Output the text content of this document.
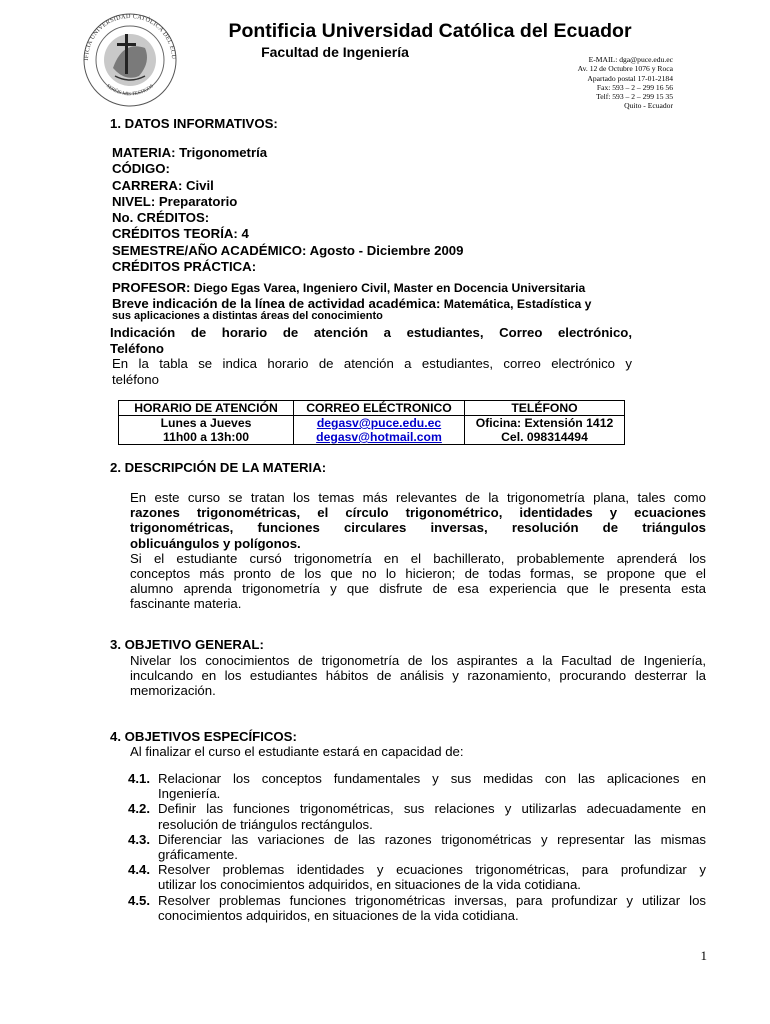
IFICIA UNIVERSIDAD CATÓLICA DEL ECU
SERÉIS MIS TESTIGOS
Pontificia Universidad Católica del Ecuador
Facultad de Ingeniería	E-MAIL: dga@puce.edu.ec
Av. 12 de Octubre 1076 y Roca
Apartado postal 17-01-2184
Fax: 593 – 2 – 299 16 56
Telf: 593 – 2 – 299 15 35
Quito - Ecuador
1. DATOS INFORMATIVOS:
MATERIA: Trigonometría
CÓDIGO:
CARRERA: Civil
NIVEL: Preparatorio
No. CRÉDITOS:
CRÉDITOS TEORÍA: 4
SEMESTRE/AÑO ACADÉMICO: Agosto - Diciembre 2009
CRÉDITOS PRÁCTICA:
PROFESOR: Diego Egas Varea, Ingeniero Civil, Master en Docencia Universitaria
Breve indicación de la línea de actividad académica: Matemática, Estadística y
sus aplicaciones a distintas áreas del conocimiento
Indicación de horario de atención a estudiantes, Correo electrónico,
Teléfono
En la tabla se indica horario de atención a estudiantes, correo electrónico y
teléfono
HORARIO DE ATENCIÓN	CORREO ELÉCTRONICO	TELÉFONO
Lunes a Jueves	degasv@puce.edu.ec	Oficina: Extensión 1412
11h00 a 13h:00	degasv@hotmail.com	Cel. 098314494
2. DESCRIPCIÓN DE LA MATERIA:
En este curso se tratan los temas más relevantes de la trigonometría plana, tales como
razones trigonométricas, el círculo trigonométrico, identidades y ecuaciones
trigonométricas, funciones circulares inversas, resolución de triángulos
oblicuángulos y polígonos.
Si el estudiante cursó trigonometría en el bachillerato, probablemente aprenderá los
conceptos más pronto de los que no lo hicieron; de todas formas, se propone que el
alumno aprenda trigonometría y que disfrute de esa experiencia que le presenta esta
fascinante materia.
3. OBJETIVO GENERAL:
Nivelar los conocimientos de trigonometría de los aspirantes a la Facultad de Ingeniería,
inculcando en los estudiantes hábitos de análisis y razonamiento, procurando desterrar la
memorización.
4. OBJETIVOS ESPECÍFICOS:
Al finalizar el curso el estudiante estará en capacidad de:
4.1. Relacionar los conceptos fundamentales y sus medidas con las aplicaciones en
Ingeniería.
4.2. Definir las funciones trigonométricas, sus relaciones y utilizarlas adecuadamente en
resolución de triángulos rectángulos.
4.3. Diferenciar las variaciones de las razones trigonométricas y representar las mismas
gráficamente.
4.4. Resolver problemas identidades y ecuaciones trigonométricas, para profundizar y
utilizar los conocimientos adquiridos, en situaciones de la vida cotidiana.
4.5. Resolver problemas funciones trigonométricas inversas, para profundizar y utilizar los
conocimientos adquiridos, en situaciones de la vida cotidiana.
1
